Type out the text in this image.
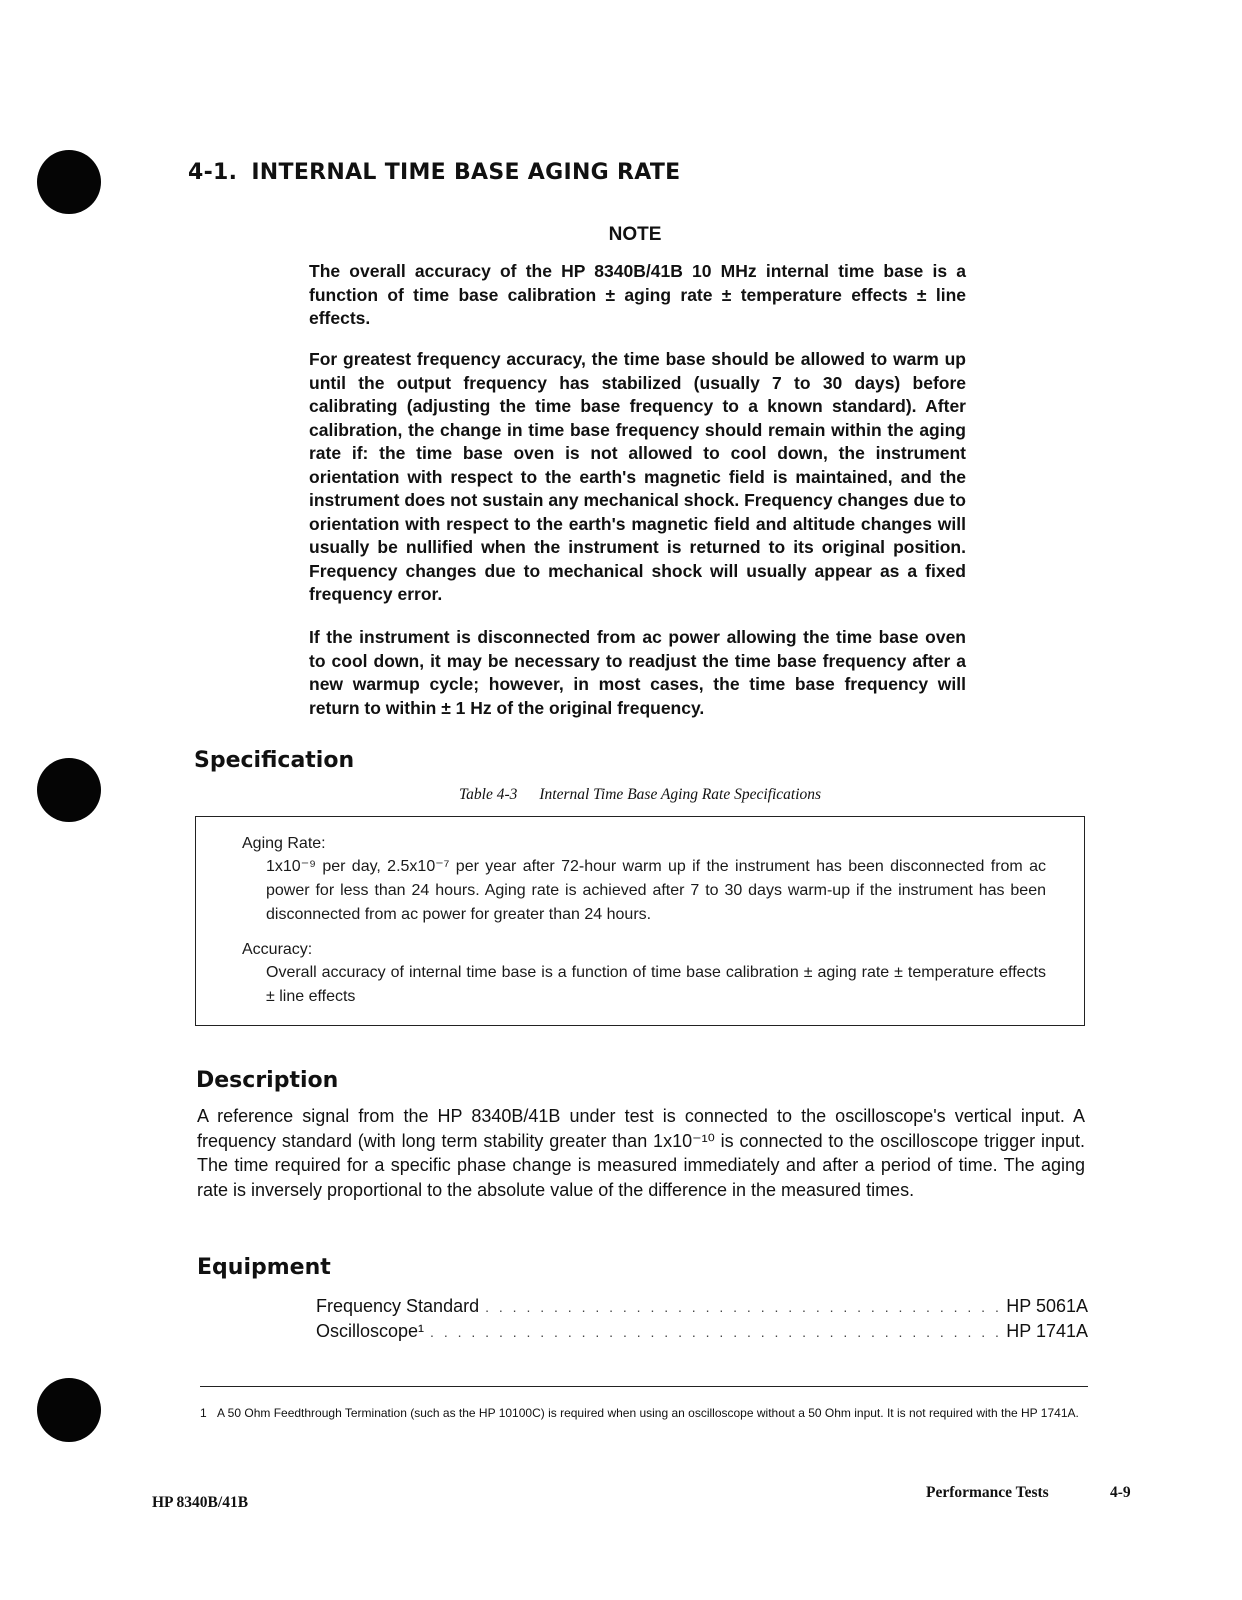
4-1. INTERNAL TIME BASE AGING RATE
NOTE

The overall accuracy of the HP 8340B/41B 10 MHz internal time base is a function of time base calibration ± aging rate ± temperature effects ± line effects.

For greatest frequency accuracy, the time base should be allowed to warm up until the output frequency has stabilized (usually 7 to 30 days) before calibrating (adjusting the time base frequency to a known standard). After calibration, the change in time base frequency should remain within the aging rate if: the time base oven is not allowed to cool down, the instrument orientation with respect to the earth's magnetic field is maintained, and the instrument does not sustain any mechanical shock. Frequency changes due to orientation with respect to the earth's magnetic field and altitude changes will usually be nullified when the instrument is returned to its original position. Frequency changes due to mechanical shock will usually appear as a fixed frequency error.

If the instrument is disconnected from ac power allowing the time base oven to cool down, it may be necessary to readjust the time base frequency after a new warmup cycle; however, in most cases, the time base frequency will return to within ± 1 Hz of the original frequency.

Specification

Table 4-3 Internal Time Base Aging Rate Specifications

Aging Rate:

1x10⁻⁹ per day, 2.5x10⁻⁷ per year after 72-hour warm up if the instrument has been disconnected from ac power for less than 24 hours. Aging rate is achieved after 7 to 30 days warm-up if the instrument has been disconnected from ac power for greater than 24 hours.

Accuracy:

Overall accuracy of internal time base is a function of time base calibration ± aging rate ± temperature effects ± line effects

Description

A reference signal from the HP 8340B/41B under test is connected to the oscilloscope's vertical input. A frequency standard (with long term stability greater than 1x10⁻¹⁰ is connected to the oscilloscope trigger input. The time required for a specific phase change is measured immediately and after a period of time. The aging rate is inversely proportional to the absolute value of the difference in the measured times.

Equipment
Frequency Standard . . .	HP 5061A
Oscilloscope¹ . . .	HP 1741A

1 A 50 Ohm Feedthrough Termination (such as the HP 10100C) is required when using an oscilloscope without a 50 Ohm input. It is not required with the HP 1741A.

HP 8340B/41B

Performance Tests	4-9
